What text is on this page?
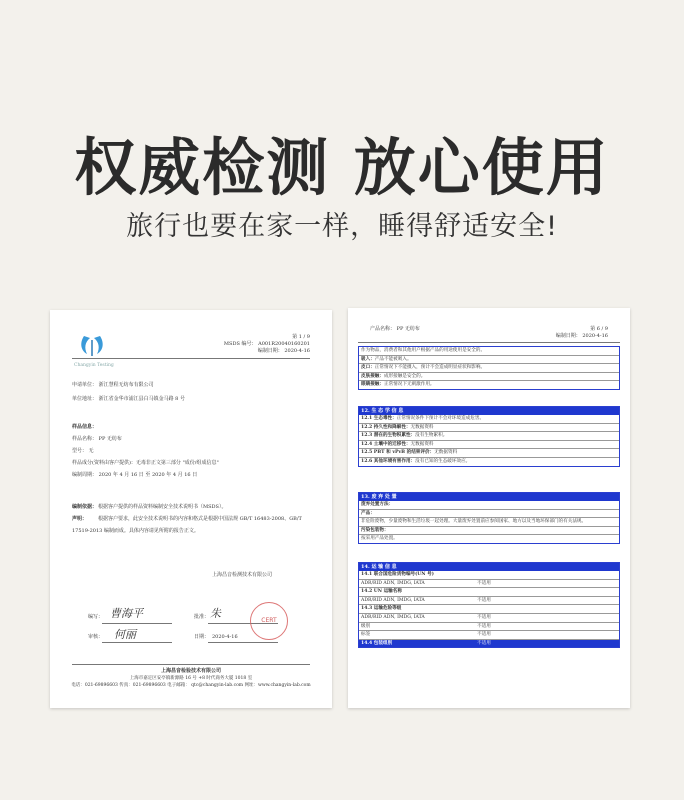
权威检测 放心使用
旅行也要在家一样，睡得舒适安全!
Changyin Testing
第 1 / 9
MSDS 编号： A001R20040160201
编制日期： 2020-4-16
申请单位： 浙江慧程无纺布有限公司
单位地址： 浙江省金华市浦江县白马镇金马路 8 号
样品信息：
样品名称： PP 无纺布
型号： 无
样品成分(资料由客户提供)：无毒非正文第三部分 "成份/组成信息"
编制周期： 2020 年 4 月 16 日 至 2020 年 4 月 16 日
编制依据： 根据客户提供的样品资料编制安全技术说明书（MSDS）。
声明： 根据客户要求，此安全技术说明书的内容和格式是根据中国法规 GB/T 16483-2008、GB/T
17519-2013 编制而成。具体内容请见所附的报告正文。
上海昌音检测技术有限公司
编写： 曹海平	批准： 朱
CERT
审核： 何丽	日期： 2020-4-16
上海昌音检验技术有限公司
上海市嘉定区安亭镇新源路 16 号 +8 时代商务大厦 1018 室
电话：021-69896603 传真：021-69896603 电子邮箱： qtc@changyin-lab.com 网址：www.changyin-lab.com
产品名称： PP 无纺布	第 6 / 9
编制日期： 2020-4-16
作为物品，消费者和其他用户根据产品的用途使用是安全的。
吸入：产品不能被吸入。
皮口：正常情况下不能摄入，预计不会造成明显症状和影响。
皮肤接触：成形接触是安全的。
眼睛接触：正常情况下无刺激作用。
12. 生 态 学 信 息
12.1 生态毒性：正常情况条件下预计不会对环境造成危害。
12.2 持久性和降解性：无数据资料
12.3 潜在的生物积累性：没有生物累积。
12.4 土壤中的迁移性：无数据资料
12.5 PBT 和 vPvB 的结果评价：无数据资料
12.6 其他环境有害作用：没有已知的生态破坏效应。
13. 废 弃 处 置
废弃处置方法：
产品：
非危险废物，少量废物和生活垃圾一起处理。大量废弃处置前应参阅国家、地方以及当地环保部门的有关法规。
污染包装物：
按采用产品处置。
14. 运 输 信 息
14.1 联合国危险货物编号(UN 号)
ADR/RID ADN, IMDG, IATA	不适用
14.2 UN 运输名称
ADR/RID ADN, IMDG, IATA	不适用
14.3 运输危险等级
ADR/RID ADN, IMDG, IATA	不适用
级别	不适用
标签	不适用
14.4 包装组别	不适用
